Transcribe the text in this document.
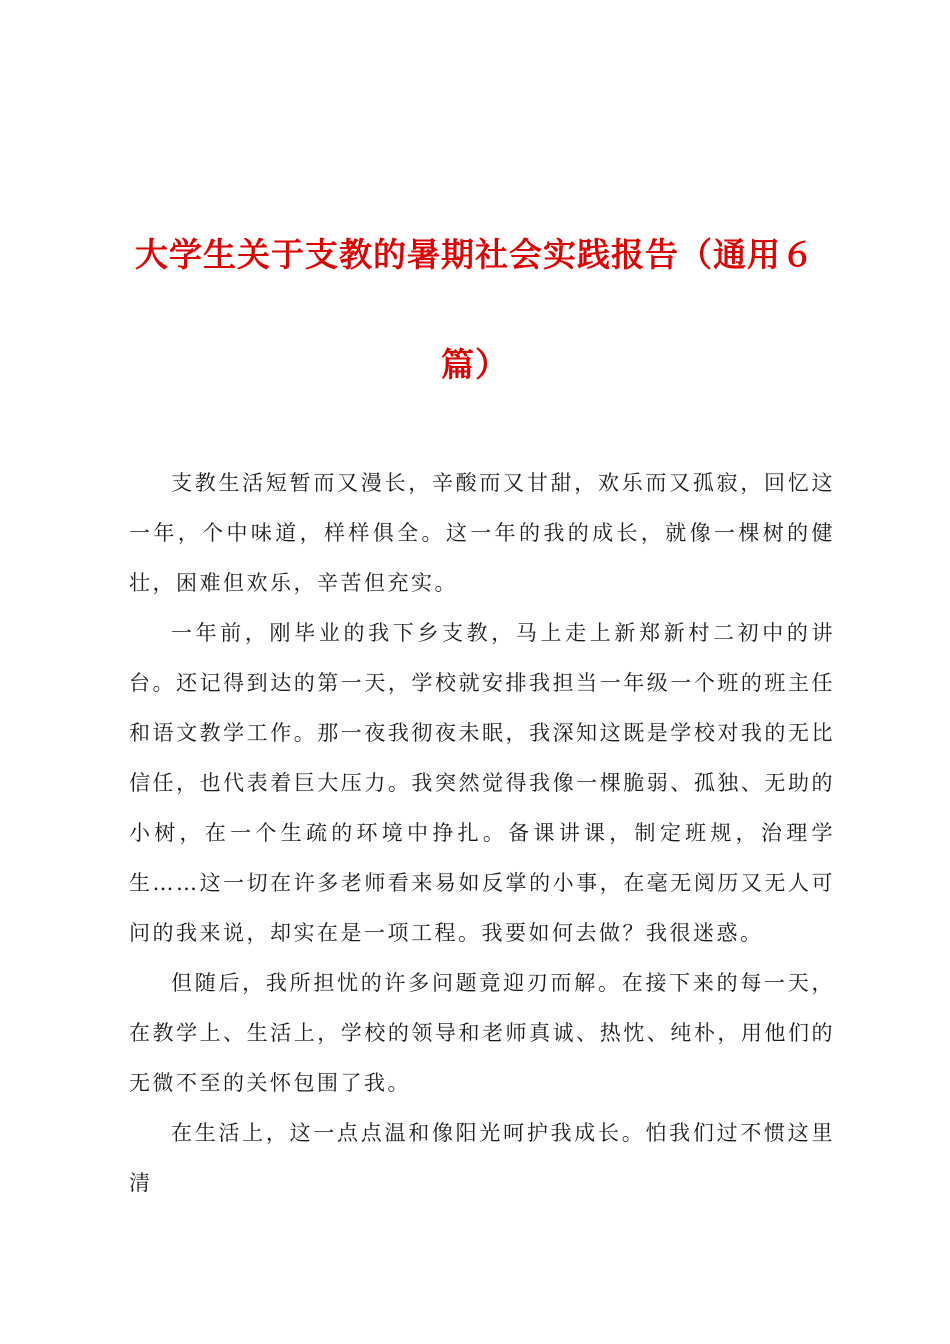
大学生关于支教的暑期社会实践报告（通用６篇）

支教生活短暂而又漫长，辛酸而又甘甜，欢乐而又孤寂，回忆这一年，个中味道，样样俱全。这一年的我的成长，就像一棵树的健壮，困难但欢乐，辛苦但充实。

一年前，刚毕业的我下乡支教，马上走上新郑新村二初中的讲台。还记得到达的第一天，学校就安排我担当一年级一个班的班主任和语文教学工作。那一夜我彻夜未眠，我深知这既是学校对我的无比信任，也代表着巨大压力。我突然觉得我像一棵脆弱、孤独、无助的小树，在一个生疏的环境中挣扎。备课讲课，制定班规，治理学生……这一切在许多老师看来易如反掌的小事，在毫无阅历又无人可问的我来说，却实在是一项工程。我要如何去做？我很迷惑。

但随后，我所担忧的许多问题竟迎刃而解。在接下来的每一天，在教学上、生活上，学校的领导和老师真诚、热忱、纯朴，用他们的无微不至的关怀包围了我。

在生活上，这一点点温和像阳光呵护我成长。怕我们过不惯这里清
